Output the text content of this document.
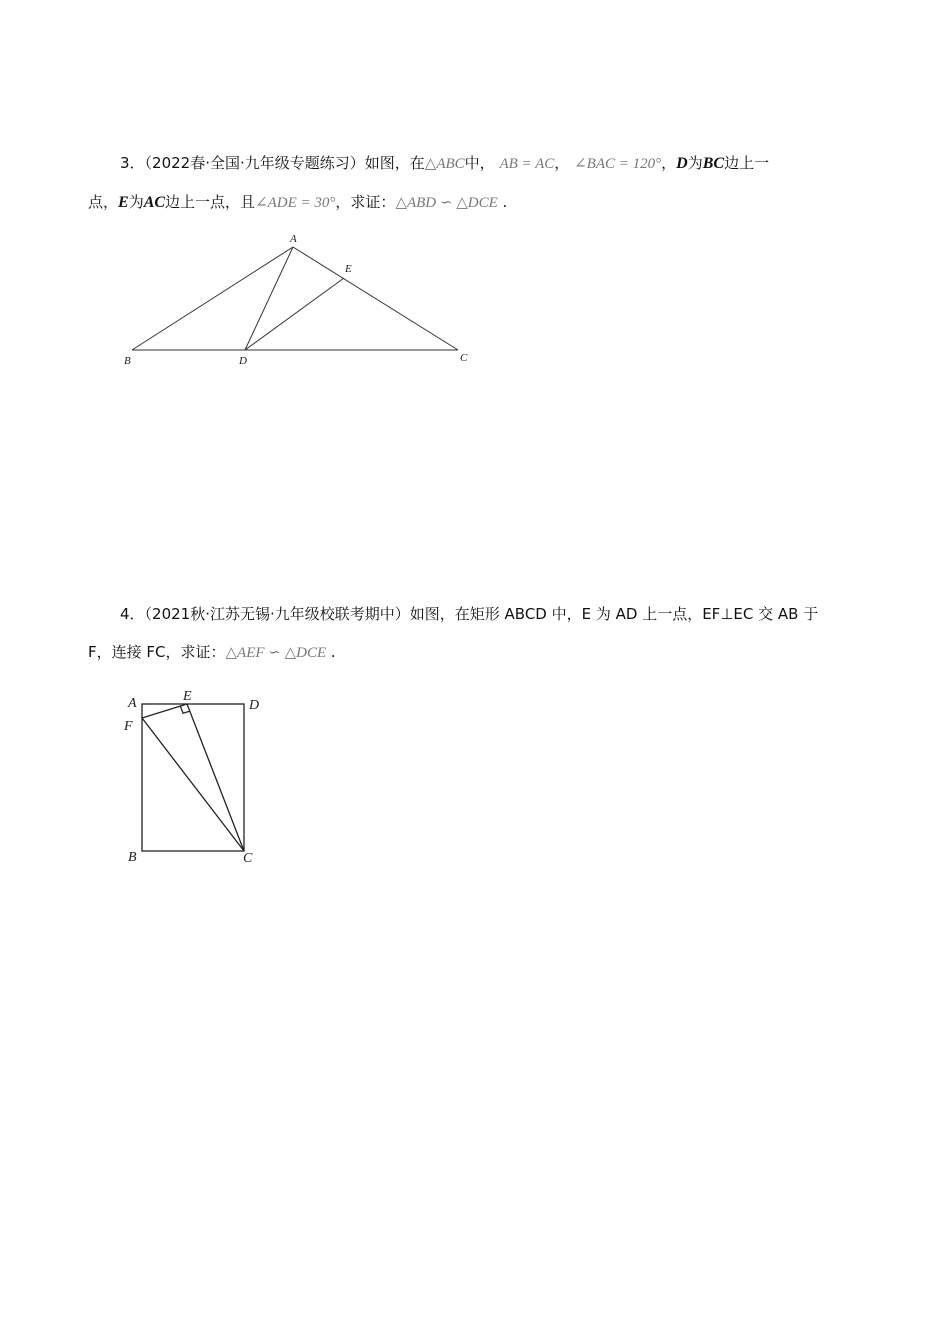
3．（2022春·全国·九年级专题练习）如图，在△ABC中， AB = AC， ∠BAC = 120°，D为BC边上一
点，E为AC边上一点，且∠ADE = 30°，求证：△ABD ∽ △DCE .
A
E
B	D	C
4．（2021秋·江苏无锡·九年级校联考期中）如图，在矩形 ABCD 中，E 为 AD 上一点，EF⊥EC 交 AB 于
F，连接 FC，求证：△AEF ∽ △DCE .
A	E
D
F
B	C
